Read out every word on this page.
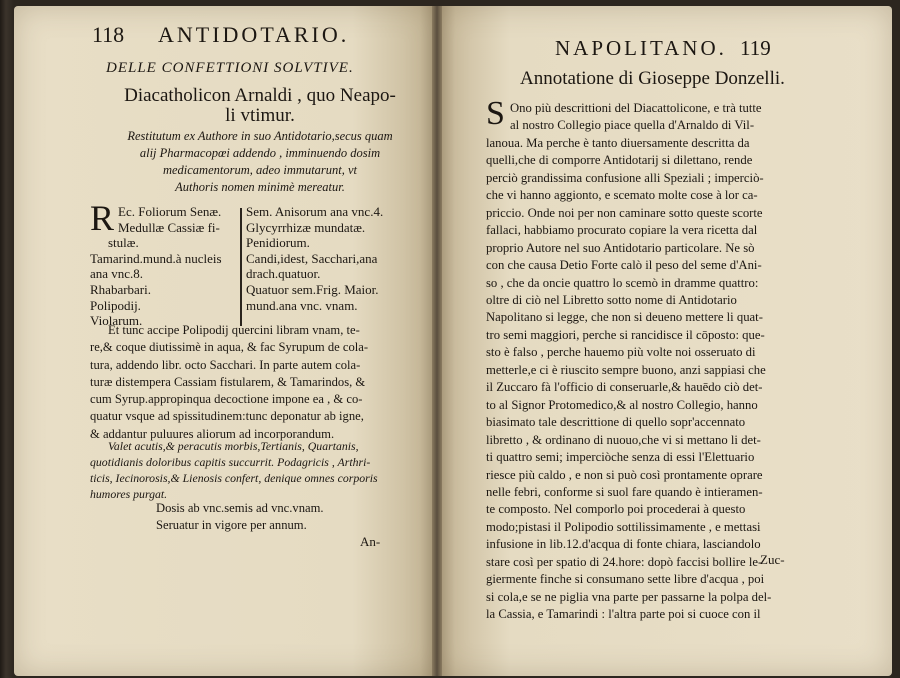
118 ANTIDOTARIO.
DELLE CONFETTIONI SOLVTIVE.
Diacatholicon Arnaldi , quo Neapo-
li vtimur.
Restitutum ex Authore in suo Antidotario,secus quam
alij Pharmacopœi addendo , imminuendo dosim
medicamentorum, adeo immutarunt, vt
Authoris nomen minimè mereatur.
R Ec. Foliorum Senæ.
Medullæ Cassiæ fi-
stulæ.
Tamarind.mund.à nucleis
ana vnc.8.
Rhabarbari.
Polipodij.
Violarum.
Sem. Anisorum ana vnc.4.
Glycyrrhizæ mundatæ.
Penidiorum.
Candi,idest, Sacchari,ana
drach.quatuor.
Quatuor sem.Frig. Maior.
mund.ana vnc. vnam.
Et tunc accipe Polipodij quercini libram vnam, te-
re,& coque diutissimè in aqua, & fac Syrupum de cola-
tura, addendo libr. octo Sacchari. In parte autem cola-
turæ distempera Cassiam fistularem, & Tamarindos, &
cum Syrup.appropinqua decoctione impone ea , & co-
quatur vsque ad spissitudinem:tunc deponatur ab igne,
& addantur puluures aliorum ad incorporandum.
Valet acutis,& peracutis morbis,Tertianis, Quartanis,
quotidianis doloribus capitis succurrit. Podagricis , Arthri-
ticis, Iecinorosis,& Lienosis confert, denique omnes corporis
humores purgat.
Dosis ab vnc.semis ad vnc.vnam.
Seruatur in vigore per annum.
An-
NAPOLITANO. 119
Annotatione di Gioseppe Donzelli.
S Ono più descrittioni del Diacattolicone, e trà tutte
al nostro Collegio piace quella d'Arnaldo di Vil-
lanoua. Ma perche è tanto diuersamente descritta da
quelli,che di comporre Antidotarij si dilettano, rende
perciò grandissima confusione alli Speziali ; imperciò-
che vi hanno aggionto, e scemato molte cose à lor ca-
priccio. Onde noi per non caminare sotto queste scorte
fallaci, habbiamo procurato copiare la vera ricetta dal
proprio Autore nel suo Antidotario particolare. Ne sò
con che causa Detio Forte calò il peso del seme d'Ani-
so , che da oncie quattro lo scemò in dramme quattro:
oltre di ciò nel Libretto sotto nome di Antidotario
Napolitano si legge, che non si deueno mettere li quat-
tro semi maggiori, perche si rancidisce il cōposto: que-
sto è falso , perche hauemo più volte noi osseruato di
metterle,e ci è riuscito sempre buono, anzi sappiasi che
il Zuccaro fà l'officio di conseruarle,& hauēdo ciò det-
to al Signor Protomedico,& al nostro Collegio, hanno
biasimato tale descrittione di quello sopr'accennato
libretto , & ordinano di nuouo,che vi si mettano li det-
ti quattro semi; imperciòche senza di essi l'Elettuario
riesce più caldo , e non si può così prontamente oprare
nelle febri, conforme si suol fare quando è intieramen-
te composto. Nel comporlo poi procederai à questo
modo;pistasi il Polipodio sottilissimamente , e mettasi
infusione in lib.12.d'acqua di fonte chiara, lasciandolo
stare così per spatio di 24.hore: dopò faccisi bollire le-
giermente finche si consumano sette libre d'acqua , poi
si cola,e se ne piglia vna parte per passarne la polpa del-
la Cassia, e Tamarindi : l'altra parte poi si cuoce con il
Zuc-
